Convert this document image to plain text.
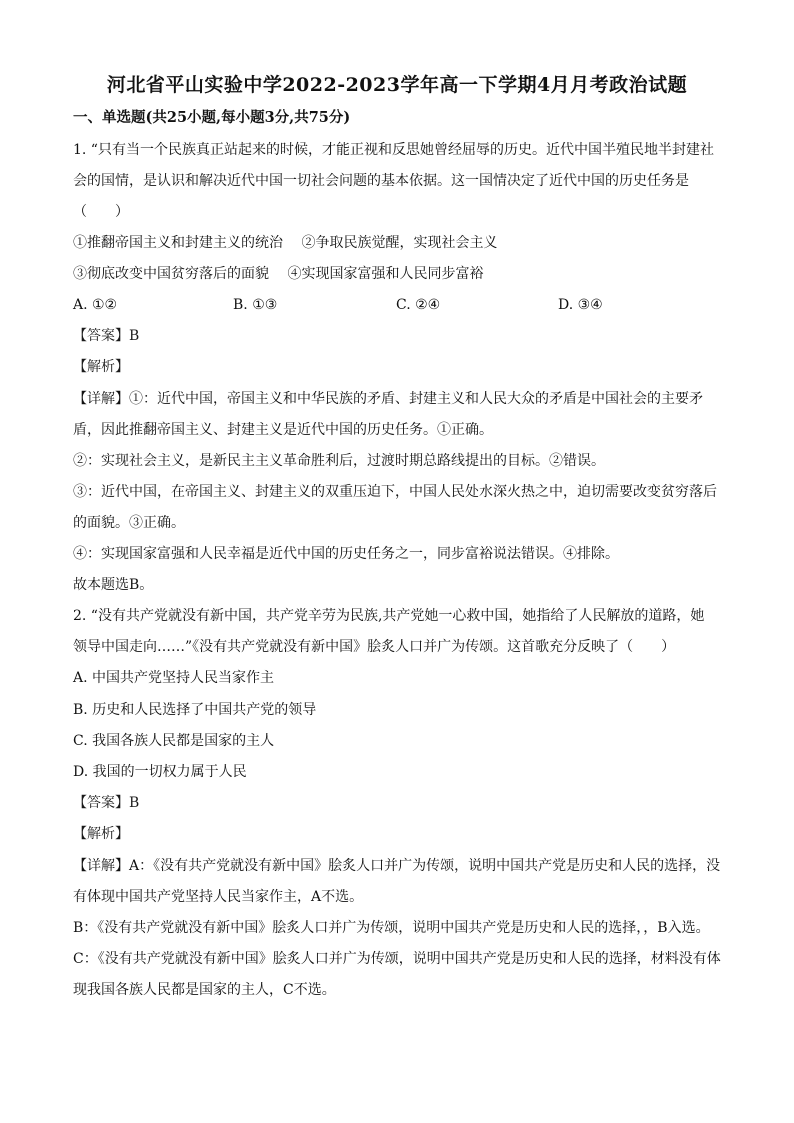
河北省平山实验中学2022-2023学年高一下学期4月月考政治试题
一、单选题(共25小题,每小题3分,共75分)
1. “只有当一个民族真正站起来的时候，才能正视和反思她曾经屈辱的历史。近代中国半殖民地半封建社
会的国情，是认识和解决近代中国一切社会问题的基本依据。这一国情决定了近代中国的历史任务是
（　　）
①推翻帝国主义和封建主义的统治　 ②争取民族觉醒，实现社会主义
③彻底改变中国贫穷落后的面貌　 ④实现国家富强和人民同步富裕
A. ①②	B. ①③	C. ②④	D. ③④
【答案】B
【解析】
【详解】①：近代中国，帝国主义和中华民族的矛盾、封建主义和人民大众的矛盾是中国社会的主要矛
盾，因此推翻帝国主义、封建主义是近代中国的历史任务。①正确。
②：实现社会主义，是新民主主义革命胜利后，过渡时期总路线提出的目标。②错误。
③：近代中国，在帝国主义、封建主义的双重压迫下，中国人民处水深火热之中，迫切需要改变贫穷落后
的面貌。③正确。
④：实现国家富强和人民幸福是近代中国的历史任务之一，同步富裕说法错误。④排除。
故本题选B。
2. “没有共产党就没有新中国，共产党辛劳为民族,共产党她一心救中国，她指给了人民解放的道路，她
领导中国走向……”《没有共产党就没有新中国》脍炙人口并广为传颂。这首歌充分反映了（　　）
A. 中国共产党坚持人民当家作主
B. 历史和人民选择了中国共产党的领导
C. 我国各族人民都是国家的主人
D. 我国的一切权力属于人民
【答案】B
【解析】
【详解】A：《没有共产党就没有新中国》脍炙人口并广为传颂，说明中国共产党是历史和人民的选择，没
有体现中国共产党坚持人民当家作主，A不选。
B：《没有共产党就没有新中国》脍炙人口并广为传颂，说明中国共产党是历史和人民的选择，，B入选。
C：《没有共产党就没有新中国》脍炙人口并广为传颂，说明中国共产党是历史和人民的选择，材料没有体
现我国各族人民都是国家的主人，C不选。
